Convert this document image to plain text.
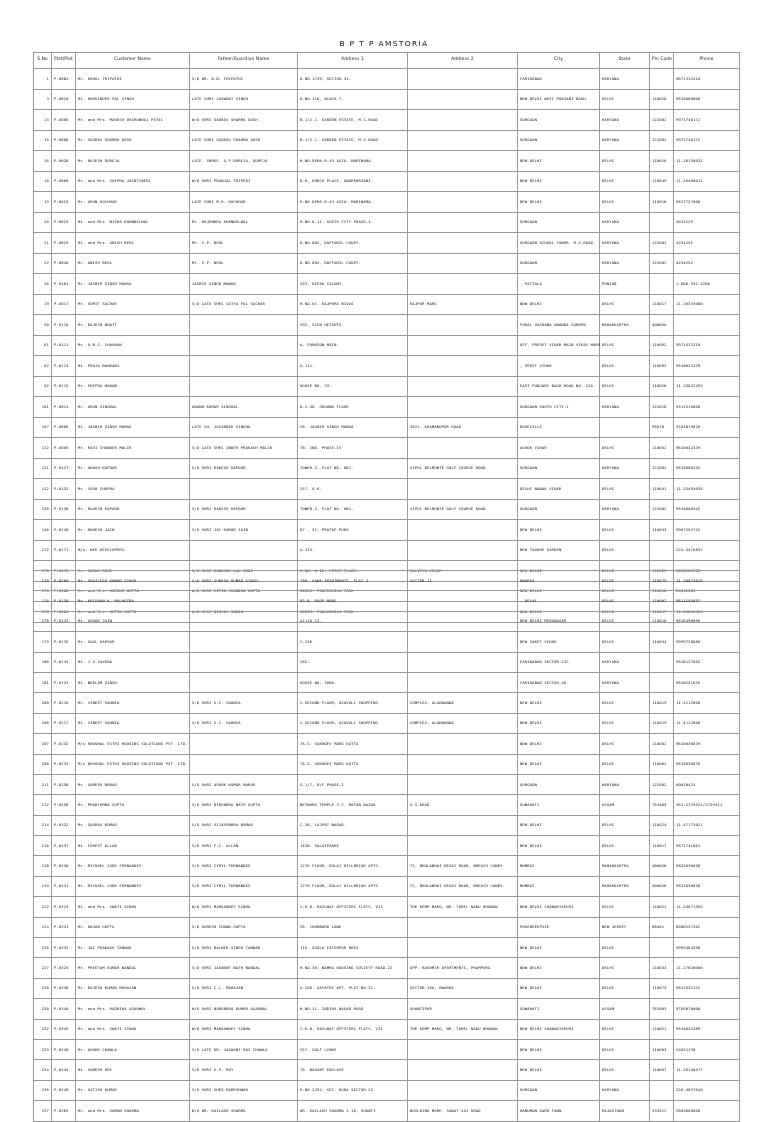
B P T P AMSTORIA
S.No	Plot/Plot	Customer Name	Father/Guardian Name	Address 1	Address 2	City	State	Pin Code	Phone
1	P-0002	Mr. RAHUL TRIPATHI	S/O DR. B.N. TRIPATHI	H.NO.1739, SECTOR-31.		FARIDABAD	HARYANA		9871312410
3	P-0020	Mr. HARVINDER PAL SINGH	LATE SHRI JASWANT SINGH	H.NO.116, BLOCK-7.		NEW DELHI WEST PUNJABI BAGH.	DELHI	110026	9810000000
14	P-0006	Mr. and Mrs. MAHESH DHIRUBHAI PATEL	W/O SHRI GAURAV SHARMA OOSH	B-1/2.1. GARDEN ESTATE, M.G.ROAD		GURGAON	HARYANA	122002	9971740172
15	P-0008	Mr. GAURAV SHARMA OOSH	LATE SHRI GAURAV SHARMA OOSH	B-1/2.1. GARDEN ESTATE, M.G.ROAD		GURGAON	HARYANA	122002	9971740172
16	P-0020	Mr. RAJESH DUREJA	LATE. SHREE. O.P.DUREJA, DUREJA	H.NO.DEMA-0-43 ASIA. MARINAMA.		NEW DELHI	DELHI	110016	11-26130032
18	P-0008	Mr. and Mrs. SHIPRA JAINTIWEDI	W/O SHRI PRANJAL TRIPEDI	D-6, HUDCO PLACE, ANDREWSGANJ		NEW DELHI	DELHI	110049	11-26400012
19	P-0025	Mr. ARUN KOCHHAR	LATE SHRI M.R. KOCHHAR	H.NO.DEMA-0-43 ASIA. MARINAMA.		NEW DELHI	DELHI	110016	9817727000
20	P-0025	Mr. and Mrs. NISHA KHANDELWAL	Mr. RAJENDRA KHANDELWAL	H.NO.D-11. SOUTH CITY PHASE-1.		GURGAON	HARYANA		4013129
21	P-0029	Mr. and Mrs. ANISH BEHL	Mr. S.P. BEHL	H.NO.602, DAFFODIL COURT.		GURGAON SCHOOL TOWER. M.G.ROAD.	HARYANA	122002	4254252
22	P-0040	Mr. ANISH BEHL	Mr. S.P. BEHL	H.NO.602, DAFFODIL COURT.		GURGAON	HARYANA	122002	4254252
26	P-0101	Mr. JASBIR SINGH MANGA	JASBIR SINGH MANGA	263, DIPAK COLONY.		, PATIALA	PUNJAB		1-888-552-4286
29	P-0017	Mr. SUMIT SACHAR	S/O LATE SHRI SATYA PAL SACHAR	H.NO.61. RAJPURA NIVAS	RAJPUR MARG	NEW DELHI	DELHI	110017	11-26335080
50	P-0110	Mr. RAJESH BHATT		592, GLEN HEIGHTS.		FORAL VASHANA ANANDA GARDEN	MAHARASHTRA	400050	
61	P-0111	Mr. O.B.S. CHAUHAN		A. PARKSON MAIN.		OFF. PRESET VIHAR MAIN VIKAS MARG	DELHI	110092	9971422310
62	P-0113	Mr. POOJA BAHRANI		G-111.		, PREET VIHAR	DELHI	110092	9810022329
92	P-0115	Mr. SHIPRA MADAN		HOUSE NO. 33.		EAST PUNJABI BAGH ROAD NO. 22A	DELHI	110026	11-25822492
101	P-0013	Mr. ARUN SINGHAL	ANAND KUMAR SINGHAL	D-2-46. GROUND FLOOR		GURGAON SOUTH CITY-2	HARYANA	122018	9312515000
107	P-0006	Mr. JASBIR SINGH MANGA	LATE SH. JOGINDER SINGHA	26. JASBIR SINGH MANGA	3021. KHAMANGPUR ROAD	ROSEVILLE		95678	9163819820
112	P-0009	Mr. RAVI CHANDER MALIK	S/O LATE SHRI INDER PRAKASH MALIK	78. 2ND. PHASE-IV		ASHOK VIHAR	DELHI	110052	9810042339
121	P-0127	Mr. AKASH KAPOOR	S/O SHRI RAKESH KAPOOR	TOWER-2, FLAT NO. 081.	VIPUL BELMONTE GOLF COURSE ROAD	GURGAON	HARYANA	122002	9810000342
122	P-0132	Mr. YASH CHOPRA		257. O.K.		DELHI NANAK VIHAR	DELHI	110041	11-25455035
126	P-0138	Mr. RAVESH KAPOOR	S/O SHRI RAKESH KAPOOR	TOWER-2, FLAT NO. 081.	VIPUL BELMONTE GOLF COURSE ROAD	GURGAON	HARYANA	122002	9810000342
146	P-0140	Mr. MAHESH JAIN	S/O SHRI JAI KUMAR JAIN	87 - 31, PRATAP PURA		NEW DELHI	DELHI	110033	9967292742
172	P-0171	M/s. WEE DEVELOPERS.		A-133.		NEW TAGORE GARDEN	DELHI		224-4476852
175	P-0176	Mr. SURAJ SONI	S/O SHRI MANOHAR LAL SONI	H.NO. D-12, FIRST FLOOR.	MALVIYA VIHAR	NEW DELHI	DELHI	110029	9810283783
176	P-0186	Mr. and Mrs. KUMKUM GUPTA	W/O SHRI VIPIN CHANDRA GUPTA	3022M. PANCHSHILA PARK		NEW DELHI	DELHI	110016	26012303
178	P-0269	Mr. and Mrs. GUPTA GUPTA	W/O SHRI NIKHIL SABIN	3022M. PANCHSHILA PARK		NEW DELHI	DELHI	110017	11-26012303
170	P-0260	Mr. SHAILESH KUMAR SINGH	S/O SHRI SURESH KUMAR SINGH	736. SAMA APARTMENTS. FLAT-3	SECTOR-11	DWARKA	DELHI	110075	11-28073826
176	P-0130	Mr. KRISHAN K. MALHOTRA		83.R. DOOP MARG		. DELHI	DELHI	110007	9811255897
178	P-0133	Mr. ASHOK JAIN		A111D.12.		NEW DELHI MIRANAGAR	DELHI	110010	9818496096
179	P-0135	Mr. SAUL KAPOOR		C-236.		NEW SAKET VIHAR	DELHI	110034	9999726886
180	P-0134	Mr. J S SAXENA		282.		FARIDABAD SECTOR-21C.	HARYANA		9818127882
181	P-0133	Mr. NEELAM SINGH		HOUSE NO. 2086.		FARIDABAD SECTOR-46	HARYANA		9818251835
200	P-0216	Mr. VINEET SAHNIA	S/O SHRI S.C. SAHNIA	2.SECOND FLOOR, ASAVALI SHOPPING	COMPLEX, ALAKNANDA	NEW DELHI	DELHI	110019	11-4112000
206	P-0217	Mr. VINEET SAHNIA	S/O SHRI S.C. SAHNIA	2.SECOND FLOOR, ASAVALI SHOPPING	COMPLEX, ALAKNANDA	NEW DELHI	DELHI	110019	11-4112000
207	P-0232	M/s KHUSHAL ESTHI HOUSING SOLUTIONS PVT. LTD.		7A-G. SUKHDEV MARG KATTA		NEW DELHI	DELHI	110002	9810030039
208	P-0233	M/s KHUSHAL ESTHI HOUSING SOLUTIONS PVT. LTD.		7A-G. SUKHDEV MARG KATTA		NEW DELHI	DELHI	110002	9810030039
211	P-0258	Mr. SAMEER MARAR	S/O SHRI ASHOK KUMAR MARAR	G-1/7, DLF PHASE-I		GURGAON	HARYANA	122002	60028423
212	P-0258	Mr. PRADYUMNA GUPTA	S/O SHRI BIRENDRA NATH GUPTA	NETWORK TEMPLE 3.7, MATAN BAZAR	G.S.ROAD	GUWAHATI	ASSAM	781005	361-2729424/2729421
214	P-0322	Mr. GAURAV KUMAR	S/O SHRI VIJAYENDRA KUMAR	C-26, LAJPAT NAGAR.		NEW DELHI	DELHI	110024	11-47772021
216	P-0337	Mr. FOREST ALLAN	S/O SHRI F.C. ALLAN	1438. SALAIPARKE		NEW DELHI	DELHI	110017	9871741861
218	P-0330	Mr. MICHAEL JUDE FERNANDES	S/O SHRI CYRIL FERNANDES	12TH FLOOR, DOLAJ HILLBRIAR APTS.	72, BHULABHAI DESAI ROAD, BREACH CANDY	MUMBAI	MAHARASHTRA	400026	9822030030
219	P-0331	Mr. MICHAEL JUDE FERNANDES	S/O SHRI CYRIL FERNANDES	12TH FLOOR, DOLAJ HILLBRIAR APTS.	72, BHULABHAI DESAI ROAD, BREACH CANDY	MUMBAI	MAHARASHTRA	400026	9822030030
222	P-0325	Mr. and Mrs. SWATI SINHA	W/O SHRI MARKANDEY SINHA	2-6-8. RAILWAY OFFICERS FLATS. VII	THE KEMP MARG, NR. TAMIL NADU BHAWAN	NEW DELHI CHANAKYAPURI	DELHI	110021	11-24671392
224	P-0331	Mr. RAJAN GUPTA	S/O SURESH CHAND GUPTA	26. CHAMBORD LANE		POUGHKEEPSIE	NEW JERSEY	08401	8006257362
226	P-0332	Mr. JAI PRAKASH TANWAR	S/O SHRI BALWIR SINGH TANWAR	115. ASOLA FATEHPUR BERI		NEW DELHI	DELHI		9999484390
227	P-0325	Mr. PREETAM KUMAR NANDAL	S/O SHRI JASWANT NATH NANDAL	H.NO.36, NAMRA HOUSING SOCIETY ROAD-22	OPP. KASHMIR APARTMENTS, PRAMPURA	NEW DELHI	DELHI	110034	11-27020000
228	P-0338	Mr. RAJESH KUMAR MAHAJAN	S/O SHRI C.L. MAHAJAN	A-206. GAYATRI APT. PLOT NO-21.	SECTOR-10A, DWARKA	NEW DELHI	DELHI	110075	9811532122
230	P-0340	Mr. and Mrs. RADHIKA AGARWAL	W/O SHRI NARENDRA KUMAR AGARWAL	H.NO.11. INDIRA NAGAR ROAD	SHANTIPUR	GUWAHATI	ASSAM	781003	9760070000
232	P-0345	Mr. and Mrs. SWATI SINHA	W/O SHRI MARKANDEY SINHA	2-6-8. RAILWAY OFFICERS FLATS. VII	THE KEMP MARG, NR. TAMIL NADU BHAWAN	NEW DELHI CHANAKYAPURI	DELHI	110021	9810042389
233	P-0340	Mr. ASHOK CHAWLA	S/O LATE DR. JASWANT RAI CHAWLA	257. GOLF LINKS		NEW DELHI	DELHI	110003	24621130
234	P-0344	Mr. SAMEER ROY	S/O SHRI S.P. ROY	78. BASANT ENCLAVE		NEW DELHI	DELHI	110057	11-26140477
236	P-0348	Mr. SATISH KUMAR	S/O SHRI SHRI RAMESHWAR	H.NO.2292. SEC. HUDA SECTOR-22		GURGAON	HARYANA		226-4857040
237	P-0365	Mr. and Mrs. SUMAN SHARMA	W/O DR. KAILASH SHARMA	DR. KAILASH SHARMA 2.10, SHANTI	BUILDING MORE, SAWAT SAI ROAD	HANUMAN GARH TOWN	RAJASTHAN	335512	2603000000
